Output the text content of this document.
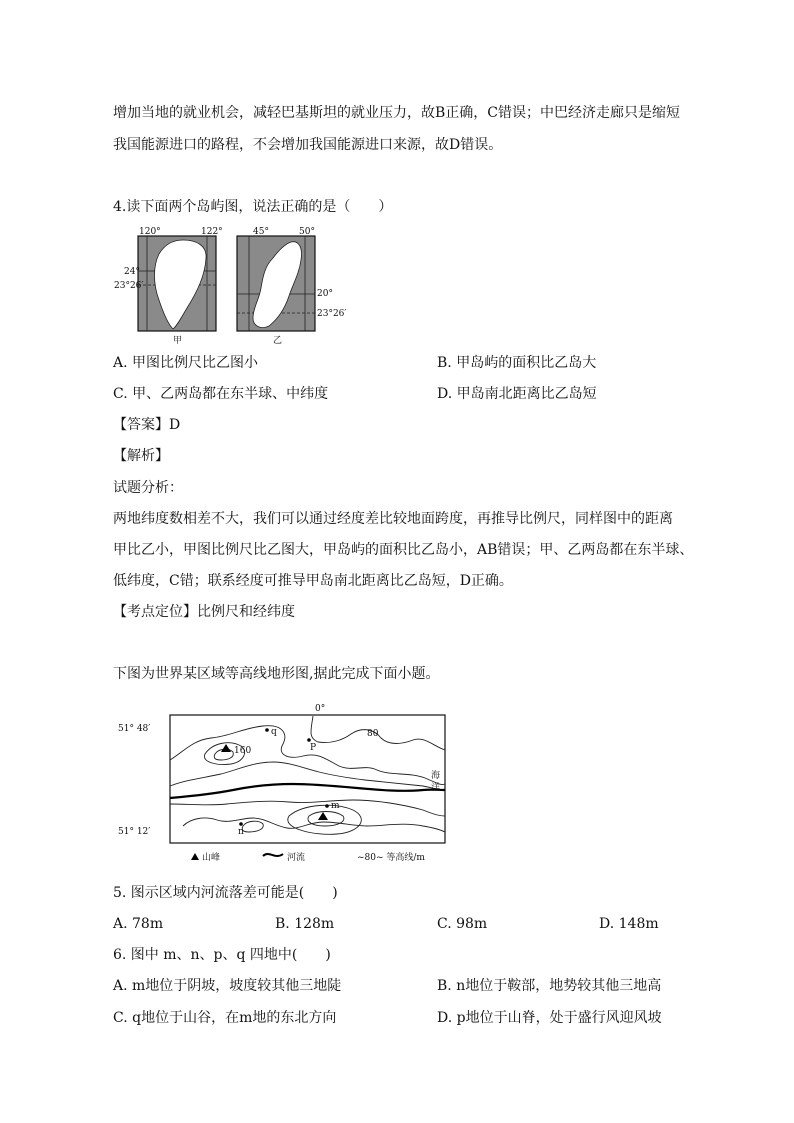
增加当地的就业机会，减轻巴基斯坦的就业压力，故B正确，C错误；中巴经济走廊只是缩短
我国能源进口的路程，不会增加我国能源进口来源，故D错误。
4.读下面两个岛屿图，说法正确的是（　　）
120°	122°
24°
23°26′
甲
45°	50°
20°
23°26′
乙
A. 甲图比例尺比乙图小	B. 甲岛屿的面积比乙岛大
C. 甲、乙两岛都在东半球、中纬度	D. 甲岛南北距离比乙岛短
【答案】D
【解析】
试题分析：
两地纬度数相差不大，我们可以通过经度差比较地面跨度，再推导比例尺，同样图中的距离
甲比乙小，甲图比例尺比乙图大，甲岛屿的面积比乙岛小，AB错误；甲、乙两岛都在东半球、
低纬度，C错；联系经度可推导甲岛南北距离比乙岛短，D正确。
【考点定位】比例尺和经纬度
下图为世界某区域等高线地形图,据此完成下面小题。
0°
51° 48′
51° 12′
160
q
P
m
n
80
海
洋
山峰	河流	~80~ 等高线/m
5. 图示区域内河流落差可能是(　　)
A. 78m	B. 128m	C. 98m	D. 148m
6. 图中 m、n、p、q 四地中(　　)
A. m地位于阴坡，坡度较其他三地陡	B. n地位于鞍部，地势较其他三地高
C. q地位于山谷，在m地的东北方向	D. p地位于山脊，处于盛行风迎风坡
